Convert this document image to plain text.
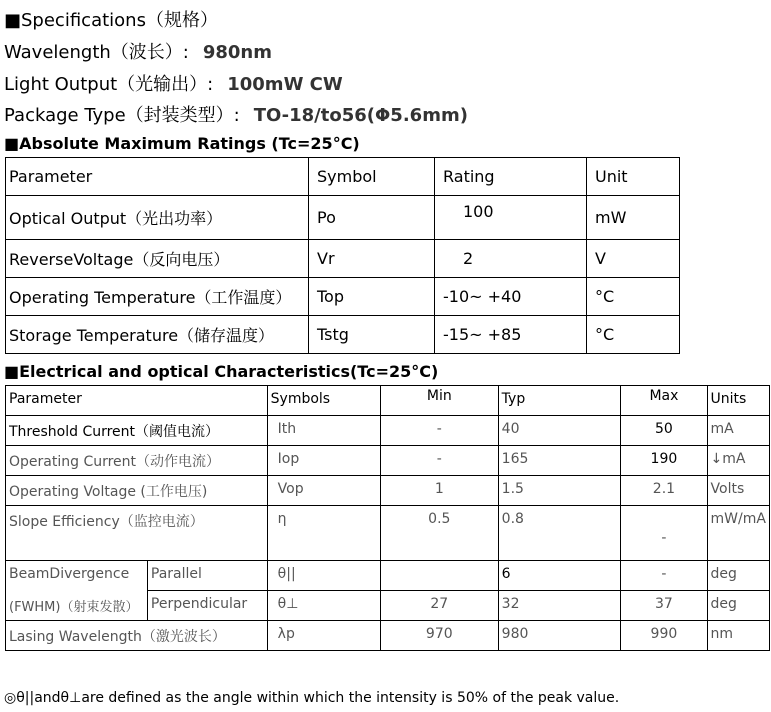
■Specifications（规格）
Wavelength（波长）: 980nm
Light Output（光输出）: 100mW CW
Package Type（封装类型）: TO-18/to56(Φ5.6mm)
■Absolute Maximum Ratings (Tc=25°C)
Parameter	Symbol	Rating	Unit
Optical Output（光出功率）	Po	100	mW
ReverseVoltage（反向电压）	Vr	2	V
Operating Temperature（工作温度）	Top	-10~ +40	°C
Storage Temperature（储存温度）	Tstg	-15~ +85	°C
■Electrical and optical Characteristics(Tc=25°C)
Parameter		Symbols	Min	Typ	Max	Units
Threshold Current（阈值电流）		Ith	-	40	50	mA
Operating Current（动作电流）		Iop	-	165	190	↓mA
Operating Voltage (工作电压)		Vop	1	1.5	2.1	Volts
Slope Efficiency（监控电流）		η	0.5	0.8	-	mW/mA
BeamDivergence	Parallel	θ||		6	-	deg
(FWHM)（射束发散）	Perpendicular	θ⊥	27	32	37	deg
Lasing Wavelength（激光波长）		λp	970	980	990	nm
◎θ||andθ⊥are defined as the angle within which the intensity is 50% of the peak value.
